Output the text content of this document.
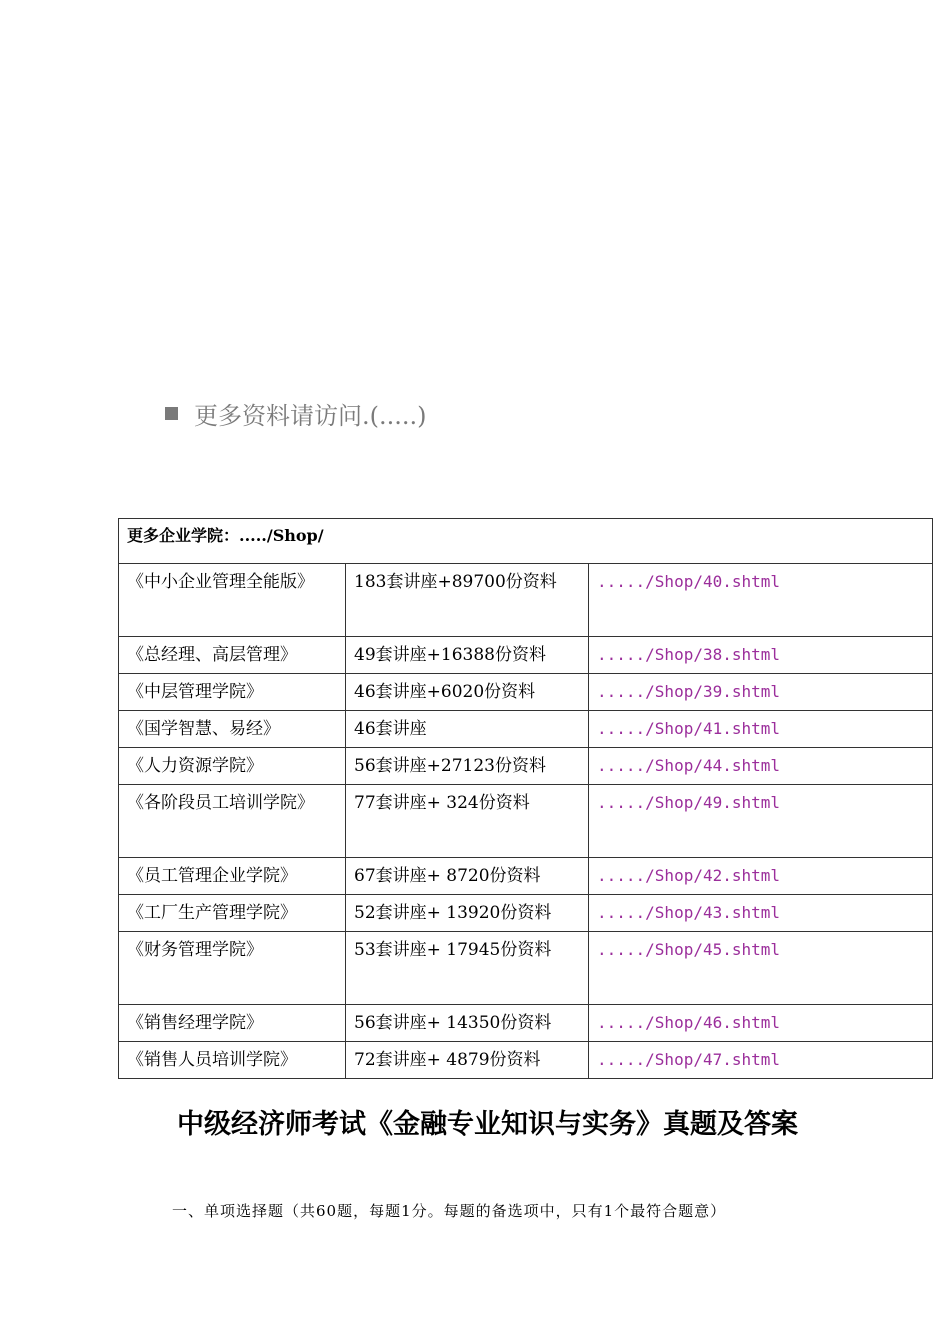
更多资料请访问.(.....)
更多企业学院：...../Shop/		
《中小企业管理全能版》	183套讲座+89700份资料	...../Shop/40.shtml
《总经理、高层管理》	49套讲座+16388份资料	...../Shop/38.shtml
《中层管理学院》	46套讲座+6020份资料	...../Shop/39.shtml
《国学智慧、易经》	46套讲座	...../Shop/41.shtml
《人力资源学院》	56套讲座+27123份资料	...../Shop/44.shtml
《各阶段员工培训学院》	77套讲座+ 324份资料	...../Shop/49.shtml
《员工管理企业学院》	67套讲座+ 8720份资料	...../Shop/42.shtml
《工厂生产管理学院》	52套讲座+ 13920份资料	...../Shop/43.shtml
《财务管理学院》	53套讲座+ 17945份资料	...../Shop/45.shtml
《销售经理学院》	56套讲座+ 14350份资料	...../Shop/46.shtml
《销售人员培训学院》	72套讲座+ 4879份资料	...../Shop/47.shtml
中级经济师考试《金融专业知识与实务》真题及答案
一、单项选择题（共60题，每题1分。每题的备选项中，只有1个最符合题意）
